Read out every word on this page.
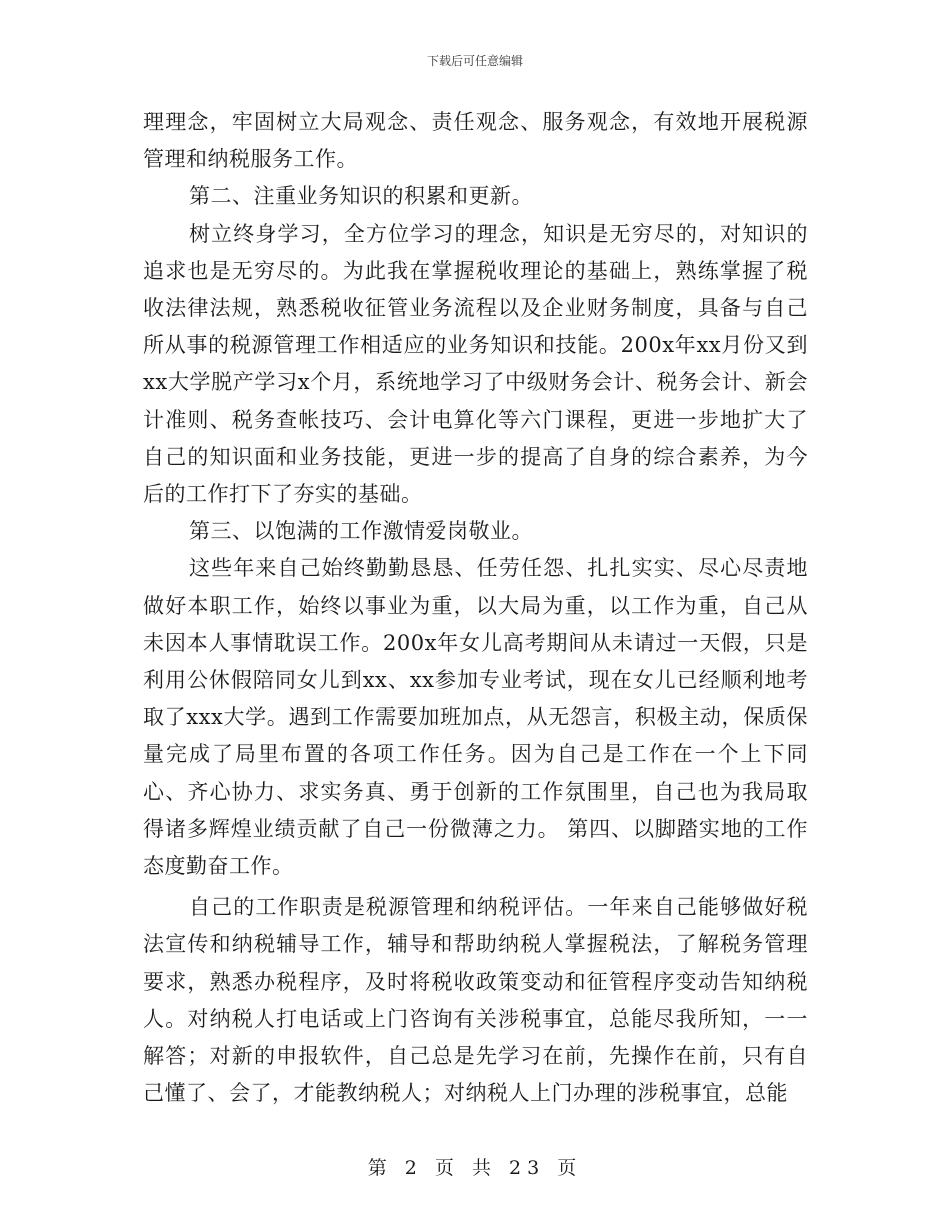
下载后可任意编辑

理理念，牢固树立大局观念、责任观念、服务观念，有效地开展税源管理和纳税服务工作。

第二、注重业务知识的积累和更新。

树立终身学习，全方位学习的理念，知识是无穷尽的，对知识的追求也是无穷尽的。为此我在掌握税收理论的基础上，熟练掌握了税收法律法规，熟悉税收征管业务流程以及企业财务制度，具备与自己所从事的税源管理工作相适应的业务知识和技能。200x年xx月份又到xx大学脱产学习x个月，系统地学习了中级财务会计、税务会计、新会计准则、税务查帐技巧、会计电算化等六门课程，更进一步地扩大了自己的知识面和业务技能，更进一步的提高了自身的综合素养，为今后的工作打下了夯实的基础。

第三、以饱满的工作激情爱岗敬业。

这些年来自己始终勤勤恳恳、任劳任怨、扎扎实实、尽心尽责地做好本职工作，始终以事业为重，以大局为重，以工作为重，自己从未因本人事情耽误工作。200x年女儿高考期间从未请过一天假，只是利用公休假陪同女儿到xx、xx参加专业考试，现在女儿已经顺利地考取了xxx大学。遇到工作需要加班加点，从无怨言，积极主动，保质保量完成了局里布置的各项工作任务。因为自己是工作在一个上下同心、齐心协力、求实务真、勇于创新的工作氛围里，自己也为我局取得诸多辉煌业绩贡献了自己一份微薄之力。 第四、以脚踏实地的工作态度勤奋工作。

自己的工作职责是税源管理和纳税评估。一年来自己能够做好税法宣传和纳税辅导工作，辅导和帮助纳税人掌握税法，了解税务管理要求，熟悉办税程序，及时将税收政策变动和征管程序变动告知纳税人。对纳税人打电话或上门咨询有关涉税事宜，总能尽我所知，一一解答；对新的申报软件，自己总是先学习在前，先操作在前，只有自己懂了、会了，才能教纳税人；对纳税人上门办理的涉税事宜，总能

第 2 页 共 23 页
